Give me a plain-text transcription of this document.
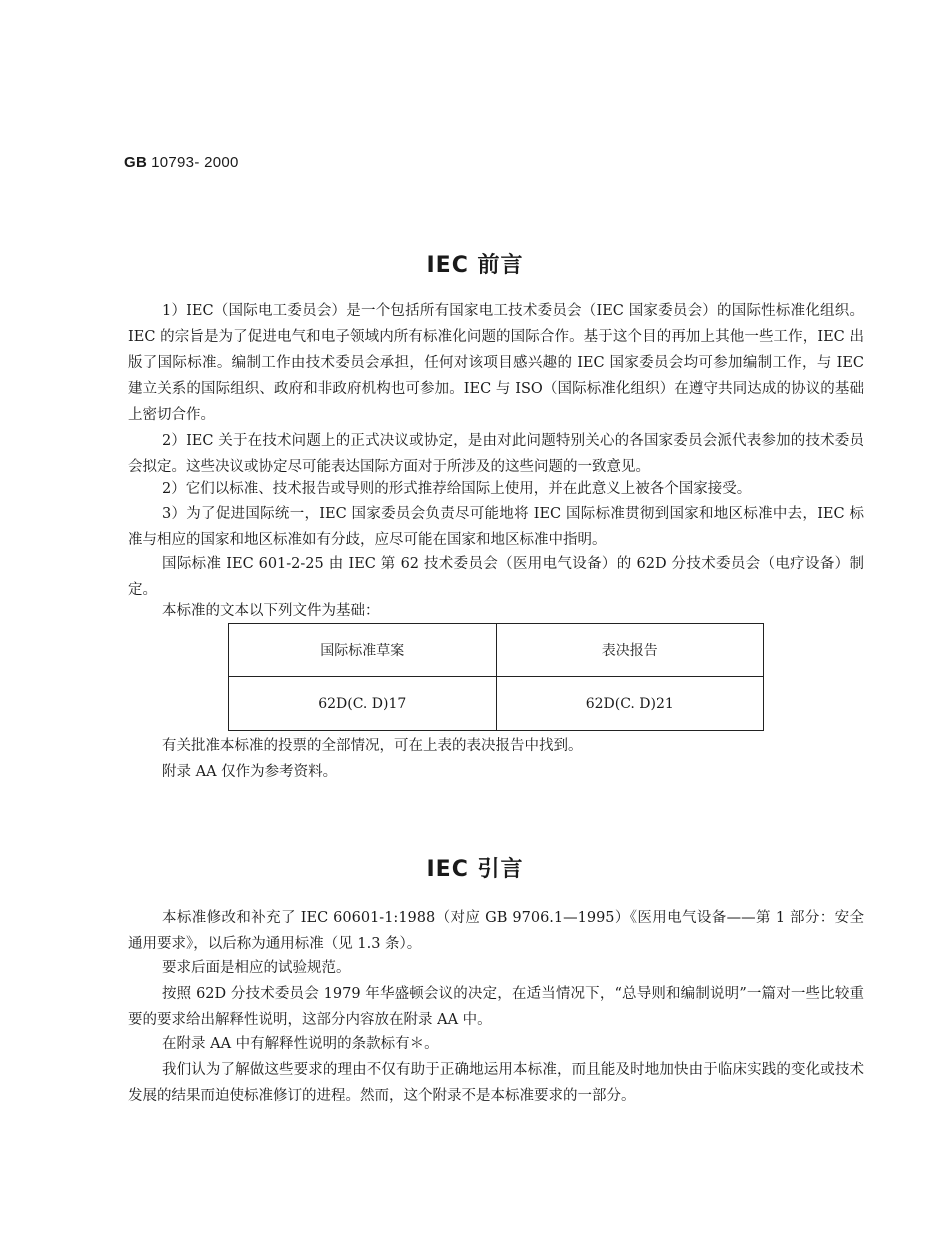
GB 10793- 2000
IEC 前言
1）IEC（国际电工委员会）是一个包括所有国家电工技术委员会（IEC 国家委员会）的国际性标准化组织。IEC 的宗旨是为了促进电气和电子领域内所有标准化问题的国际合作。基于这个目的再加上其他一些工作，IEC 出版了国际标准。编制工作由技术委员会承担，任何对该项目感兴趣的 IEC 国家委员会均可参加编制工作，与 IEC 建立关系的国际组织、政府和非政府机构也可参加。IEC 与 ISO（国际标准化组织）在遵守共同达成的协议的基础上密切合作。
2）IEC 关于在技术问题上的正式决议或协定，是由对此问题特别关心的各国家委员会派代表参加的技术委员会拟定。这些决议或协定尽可能表达国际方面对于所涉及的这些问题的一致意见。
2）它们以标准、技术报告或导则的形式推荐给国际上使用，并在此意义上被各个国家接受。
3）为了促进国际统一，IEC 国家委员会负责尽可能地将 IEC 国际标准贯彻到国家和地区标准中去，IEC 标准与相应的国家和地区标准如有分歧，应尽可能在国家和地区标准中指明。
国际标准 IEC 601-2-25 由 IEC 第 62 技术委员会（医用电气设备）的 62D 分技术委员会（电疗设备）制定。
本标准的文本以下列文件为基础：
国际标准草案	表决报告
62D(C. D)17	62D(C. D)21
有关批准本标准的投票的全部情况，可在上表的表决报告中找到。
附录 AA 仅作为参考资料。
IEC 引言
本标准修改和补充了 IEC 60601-1:1988（对应 GB 9706.1—1995）《医用电气设备——第 1 部分：安全通用要求》，以后称为通用标准（见 1.3 条）。
要求后面是相应的试验规范。
按照 62D 分技术委员会 1979 年华盛顿会议的决定，在适当情况下，“总导则和编制说明”一篇对一些比较重要的要求给出解释性说明，这部分内容放在附录 AA 中。
在附录 AA 中有解释性说明的条款标有＊。
我们认为了解做这些要求的理由不仅有助于正确地运用本标准，而且能及时地加快由于临床实践的变化或技术发展的结果而迫使标准修订的进程。然而，这个附录不是本标准要求的一部分。
